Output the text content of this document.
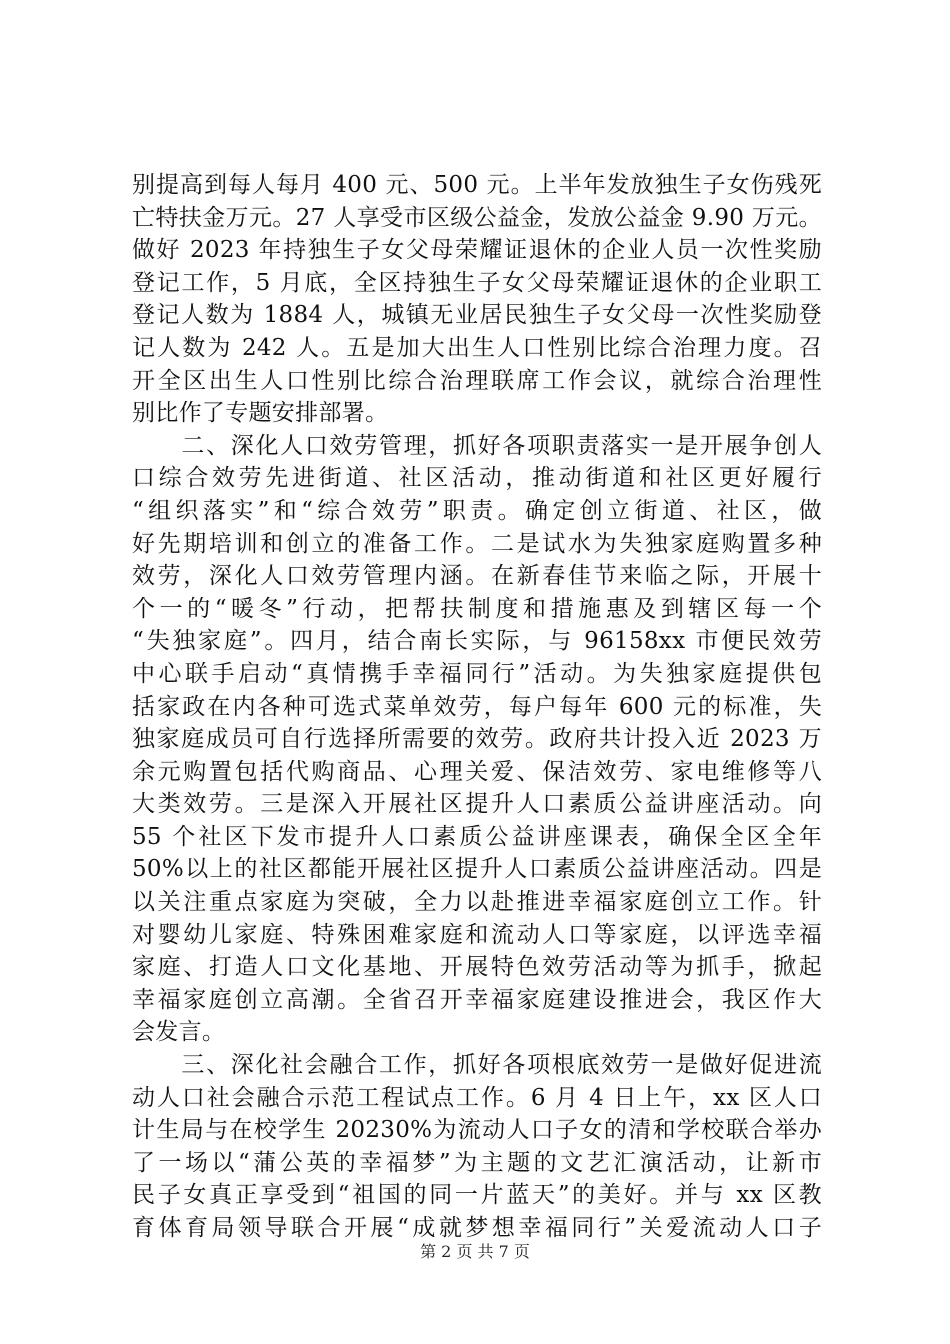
别提高到每人每月 400 元、500 元。上半年发放独生子女伤残死
亡特扶金万元。27 人享受市区级公益金，发放公益金 9.90 万元。
做好 2023 年持独生子女父母荣耀证退休的企业人员一次性奖励
登记工作，5 月底，全区持独生子女父母荣耀证退休的企业职工
登记人数为 1884 人，城镇无业居民独生子女父母一次性奖励登
记人数为 242 人。五是加大出生人口性别比综合治理力度。召
开全区出生人口性别比综合治理联席工作会议，就综合治理性
别比作了专题安排部署。
　　二、深化人口效劳管理，抓好各项职责落实一是开展争创人
口综合效劳先进街道、社区活动，推动街道和社区更好履行
“组织落实”和“综合效劳”职责。确定创立街道、社区，做
好先期培训和创立的准备工作。二是试水为失独家庭购置多种
效劳，深化人口效劳管理内涵。在新春佳节来临之际，开展十
个一的“暖冬”行动，把帮扶制度和措施惠及到辖区每一个
“失独家庭”。四月，结合南长实际，与 96158xx 市便民效劳
中心联手启动“真情携手幸福同行”活动。为失独家庭提供包
括家政在内各种可选式菜单效劳，每户每年 600 元的标准，失
独家庭成员可自行选择所需要的效劳。政府共计投入近 2023 万
余元购置包括代购商品、心理关爱、保洁效劳、家电维修等八
大类效劳。三是深入开展社区提升人口素质公益讲座活动。向
55 个社区下发市提升人口素质公益讲座课表，确保全区全年
50%以上的社区都能开展社区提升人口素质公益讲座活动。四是
以关注重点家庭为突破，全力以赴推进幸福家庭创立工作。针
对婴幼儿家庭、特殊困难家庭和流动人口等家庭，以评选幸福
家庭、打造人口文化基地、开展特色效劳活动等为抓手，掀起
幸福家庭创立高潮。全省召开幸福家庭建设推进会，我区作大
会发言。
　　三、深化社会融合工作，抓好各项根底效劳一是做好促进流
动人口社会融合示范工程试点工作。6 月 4 日上午，xx 区人口
计生局与在校学生 20230%为流动人口子女的清和学校联合举办
了一场以“蒲公英的幸福梦”为主题的文艺汇演活动，让新市
民子女真正享受到“祖国的同一片蓝天”的美好。并与 xx 区教
育体育局领导联合开展“成就梦想幸福同行”关爱流动人口子
第 2 页 共 7 页
